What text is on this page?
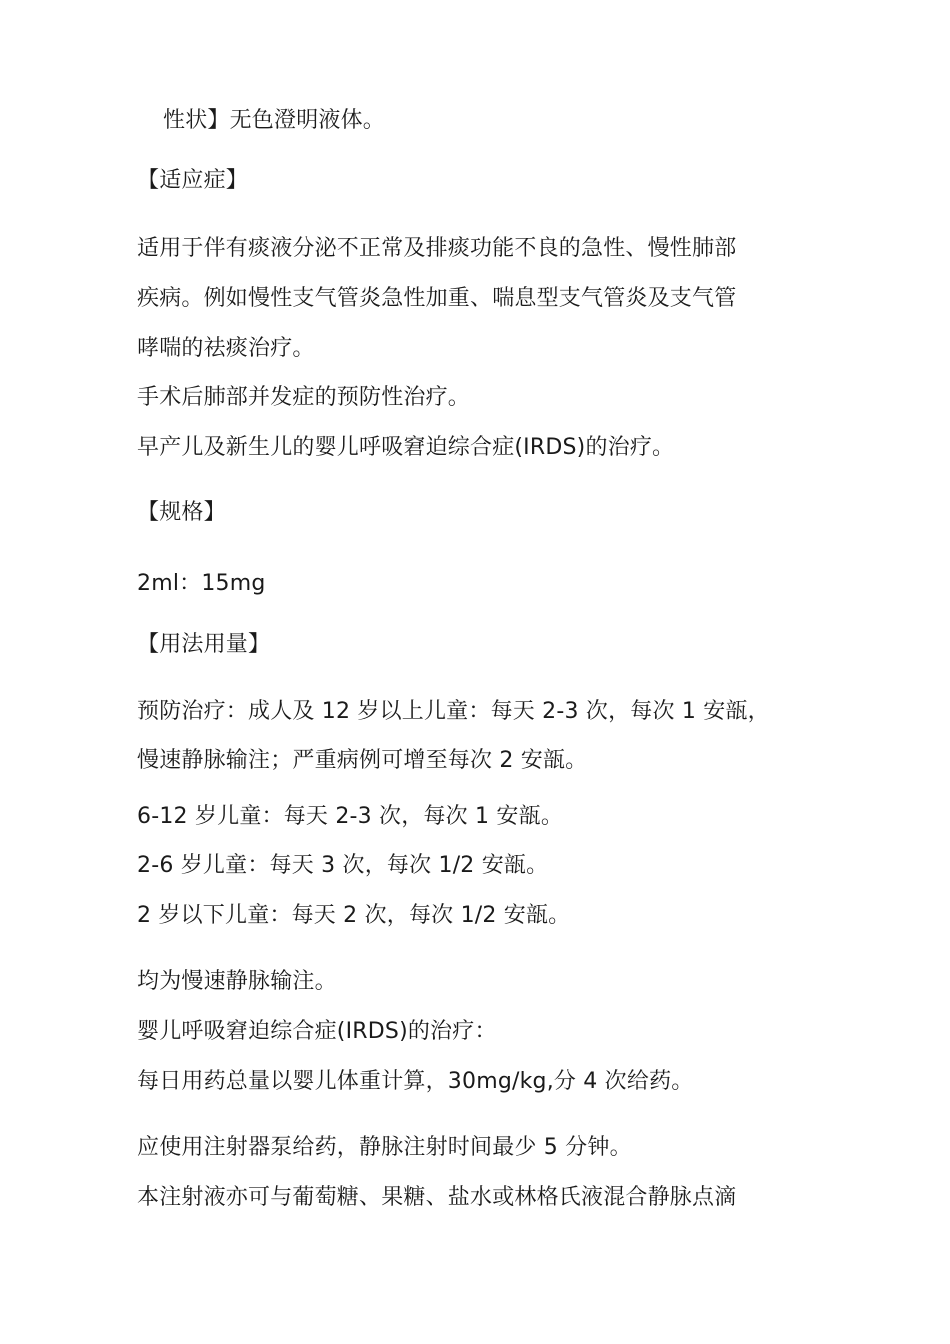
性状】无色澄明液体。
【适应症】
适用于伴有痰液分泌不正常及排痰功能不良的急性、慢性肺部
疾病。例如慢性支气管炎急性加重、喘息型支气管炎及支气管
哮喘的祛痰治疗。
手术后肺部并发症的预防性治疗。
早产儿及新生儿的婴儿呼吸窘迫综合症(IRDS)的治疗。
【规格】
2ml：15mg
【用法用量】
预防治疗：成人及 12 岁以上儿童：每天 2-3 次，每次 1 安瓿，
慢速静脉输注；严重病例可增至每次 2 安瓿。
6-12 岁儿童：每天 2-3 次，每次 1 安瓿。
2-6 岁儿童：每天 3 次，每次 1/2 安瓿。
2 岁以下儿童：每天 2 次，每次 1/2 安瓿。
均为慢速静脉输注。
婴儿呼吸窘迫综合症(IRDS)的治疗：
每日用药总量以婴儿体重计算，30mg/kg,分 4 次给药。
应使用注射器泵给药，静脉注射时间最少 5 分钟。
本注射液亦可与葡萄糖、果糖、盐水或林格氏液混合静脉点滴
